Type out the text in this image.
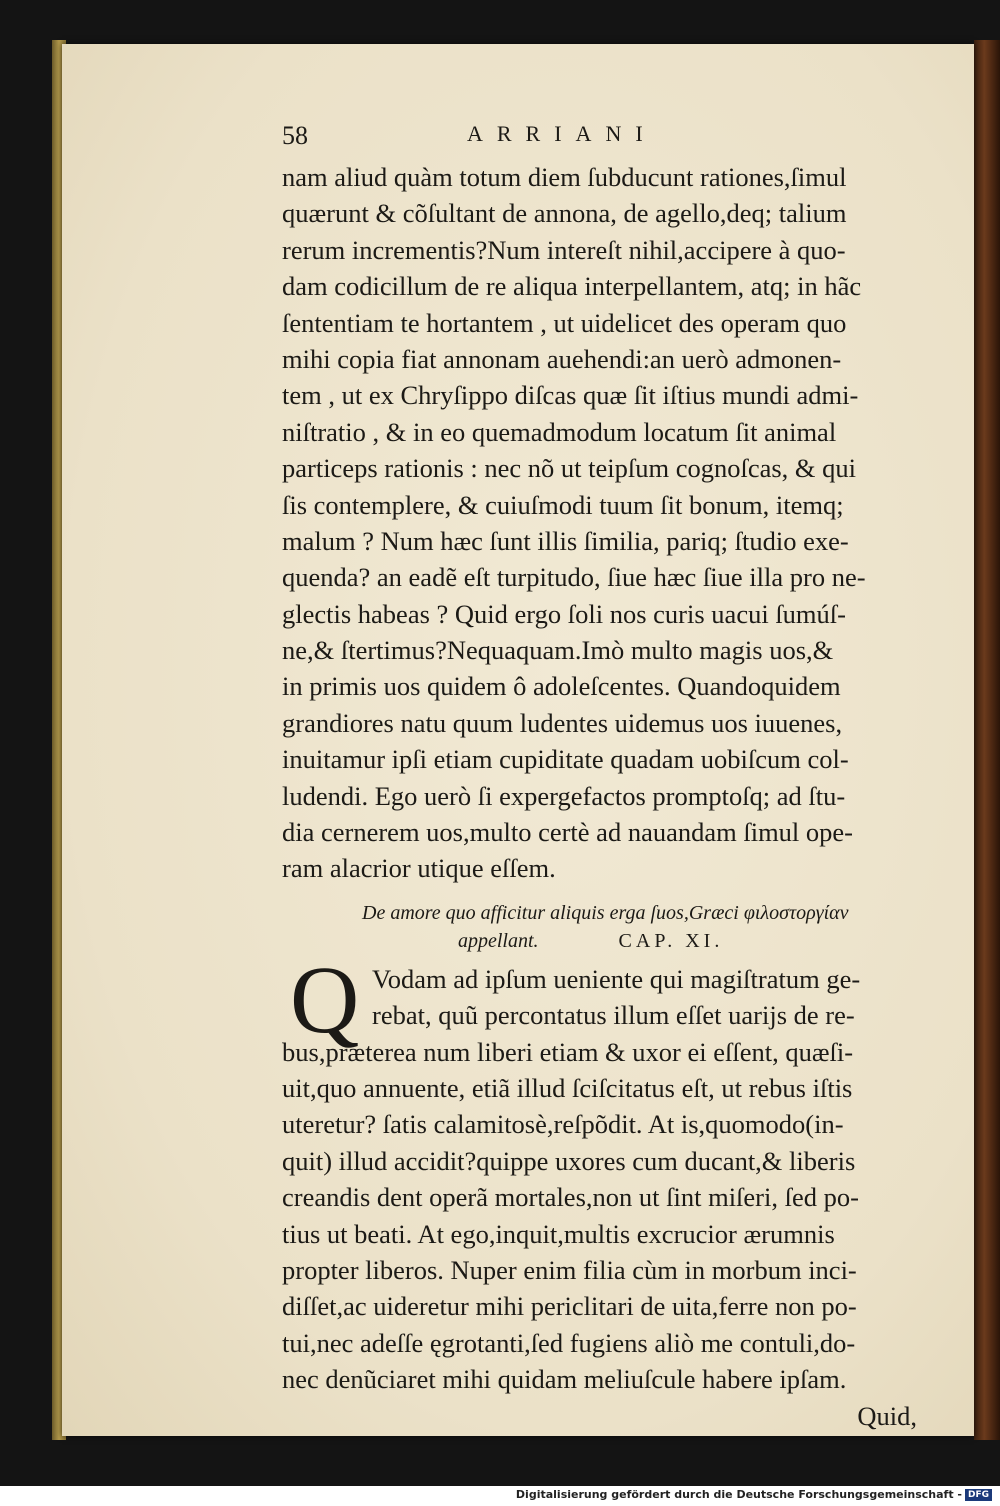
58	ARRIANI
nam aliud quàm totum diem ſubducunt rationes,ſimul
quærunt & cõſultant de annona, de agello,deq; talium
rerum incrementis?Num intereſt nihil,accipere à quo-
dam codicillum de re aliqua interpellantem, atq; in hãc
ſententiam te hortantem , ut uidelicet des operam quo
mihi copia fiat annonam auehendi:an uerò admonen-
tem , ut ex Chryſippo diſcas quæ ſit iſtius mundi admi-
niſtratio , & in eo quemadmodum locatum ſit animal
particeps rationis : nec nõ ut teipſum cognoſcas, & qui
ſis contemplere, & cuiuſmodi tuum ſit bonum, itemq;
malum ? Num hæc ſunt illis ſimilia, pariq; ſtudio exe-
quenda? an eadẽ eſt turpitudo, ſiue hæc ſiue illa pro ne-
glectis habeas ? Quid ergo ſoli nos curis uacui ſumúſ-
ne,& ſtertimus?Nequaquam.Imò multo magis uos,&
in primis uos quidem ô adoleſcentes. Quandoquidem
grandiores natu quum ludentes uidemus uos iuuenes,
inuitamur ipſi etiam cupiditate quadam uobiſcum col-
ludendi. Ego uerò ſi expergefactos promptoſq; ad ſtu-
dia cernerem uos,multo certè ad nauandam ſimul ope-
ram alacrior utique eſſem.
De amore quo afficitur aliquis erga ſuos,Græci φιλοστοργίαν
appellant.	CAP. XI.
Q Vodam ad ipſum ueniente qui magiſtratum ge-
rebat, quũ percontatus illum eſſet uarijs de re-
bus,præterea num liberi etiam & uxor ei eſſent, quæſi-
uit,quo annuente, etiã illud ſciſcitatus eſt, ut rebus iſtis
uteretur? ſatis calamitosè,reſpõdit. At is,quomodo(in-
quit) illud accidit?quippe uxores cum ducant,& liberis
creandis dent operã mortales,non ut ſint miſeri, ſed po-
tius ut beati. At ego,inquit,multis excrucior ærumnis
propter liberos. Nuper enim filia cùm in morbum inci-
diſſet,ac uideretur mihi periclitari de uita,ferre non po-
tui,nec adeſſe ęgrotanti,ſed fugiens aliò me contuli,do-
nec denũciaret mihi quidam meliuſcule habere ipſam.
Quid,
Digitalisierung gefördert durch die Deutsche Forschungsgemeinschaft - DFG
